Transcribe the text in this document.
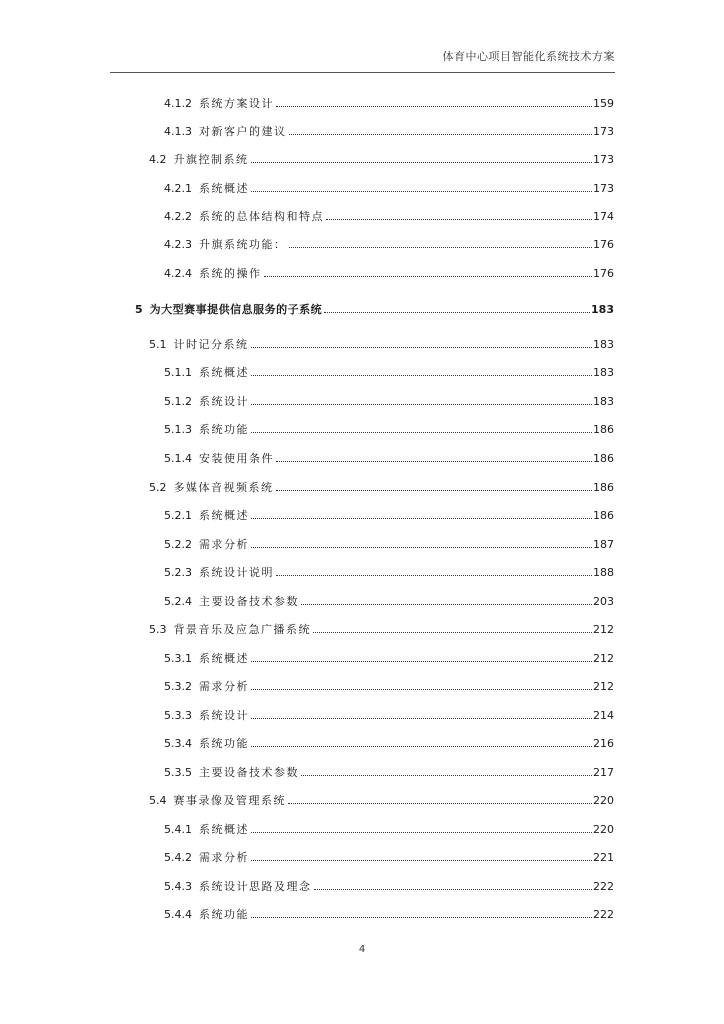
体育中心项目智能化系统技术方案
4.1.2 系统方案设计	159
4.1.3 对新客户的建议	173
4.2 升旗控制系统	173
4.2.1 系统概述	173
4.2.2 系统的总体结构和特点	174
4.2.3 升旗系统功能：	176
4.2.4 系统的操作	176
5 为大型赛事提供信息服务的子系统	183
5.1 计时记分系统	183
5.1.1 系统概述	183
5.1.2 系统设计	183
5.1.3 系统功能	186
5.1.4 安装使用条件	186
5.2 多媒体音视频系统	186
5.2.1 系统概述	186
5.2.2 需求分析	187
5.2.3 系统设计说明	188
5.2.4 主要设备技术参数	203
5.3 背景音乐及应急广播系统	212
5.3.1 系统概述	212
5.3.2 需求分析	212
5.3.3 系统设计	214
5.3.4 系统功能	216
5.3.5 主要设备技术参数	217
5.4 赛事录像及管理系统	220
5.4.1 系统概述	220
5.4.2 需求分析	221
5.4.3 系统设计思路及理念	222
5.4.4 系统功能	222
4
